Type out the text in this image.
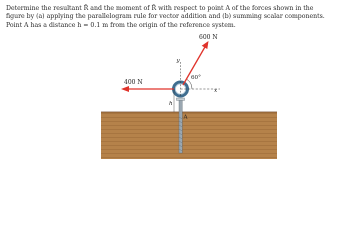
Determine the resultant R̄ and the moment of R̄ with respect to point A of the forces shown in the
figure by (a) applying the parallelogram rule for vector addition and (b) summing scalar components.
Point A has a distance h = 0.1 m from the origin of the reference system.

600 N
400 N
60°
y
x
h
A
